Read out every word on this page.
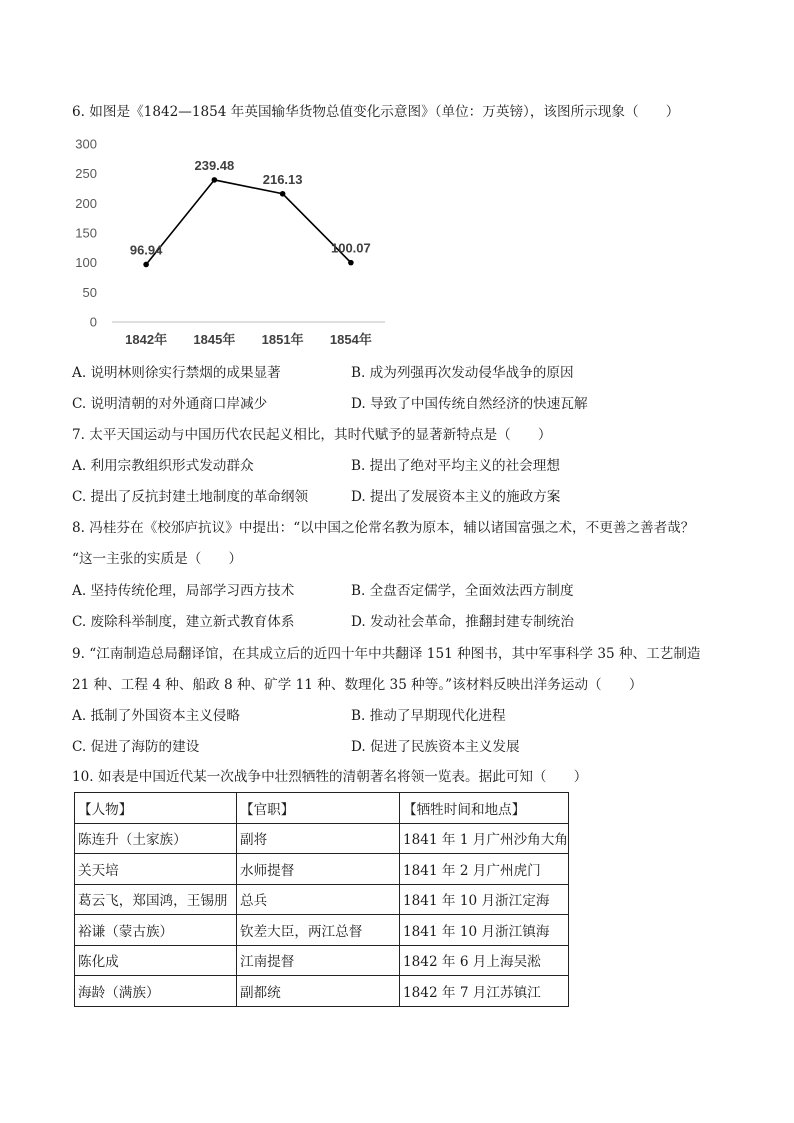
6. 如图是《1842—1854 年英国输华货物总值变化示意图》（单位：万英镑），该图所示现象（　　）
0
50
100
150
200
250
300
1842年 1845年 1851年 1854年
96.94
239.48
216.13
100.07
A. 说明林则徐实行禁烟的成果显著	B. 成为列强再次发动侵华战争的原因
C. 说明清朝的对外通商口岸减少	D. 导致了中国传统自然经济的快速瓦解
7. 太平天国运动与中国历代农民起义相比，其时代赋予的显著新特点是（　　）
A. 利用宗教组织形式发动群众	B. 提出了绝对平均主义的社会理想
C. 提出了反抗封建土地制度的革命纲领	D. 提出了发展资本主义的施政方案
8. 冯桂芬在《校邠庐抗议》中提出：“以中国之伦常名教为原本，辅以诸国富强之术，不更善之善者哉？
“这一主张的实质是（　　）
A. 坚持传统伦理，局部学习西方技术	B. 全盘否定儒学，全面效法西方制度
C. 废除科举制度，建立新式教育体系	D. 发动社会革命，推翻封建专制统治
9. “江南制造总局翻译馆，在其成立后的近四十年中共翻译 151 种图书，其中军事科学 35 种、工艺制造
21 种、工程 4 种、船政 8 种、矿学 11 种、数理化 35 种等。”该材料反映出洋务运动（　　）
A. 抵制了外国资本主义侵略	B. 推动了早期现代化进程
C. 促进了海防的建设	D. 促进了民族资本主义发展
10. 如表是中国近代某一次战争中壮烈牺牲的清朝著名将领一览表。据此可知（　　）
【人物】	【官职】	【牺牲时间和地点】
陈连升（土家族）	副将	1841 年 1 月广州沙角大角
关天培	水师提督	1841 年 2 月广州虎门
葛云飞，郑国鸿，王锡朋	总兵	1841 年 10 月浙江定海
裕谦（蒙古族）	钦差大臣，两江总督	1841 年 10 月浙江镇海
陈化成	江南提督	1842 年 6 月上海吴淞
海龄（满族）	副都统	1842 年 7 月江苏镇江
